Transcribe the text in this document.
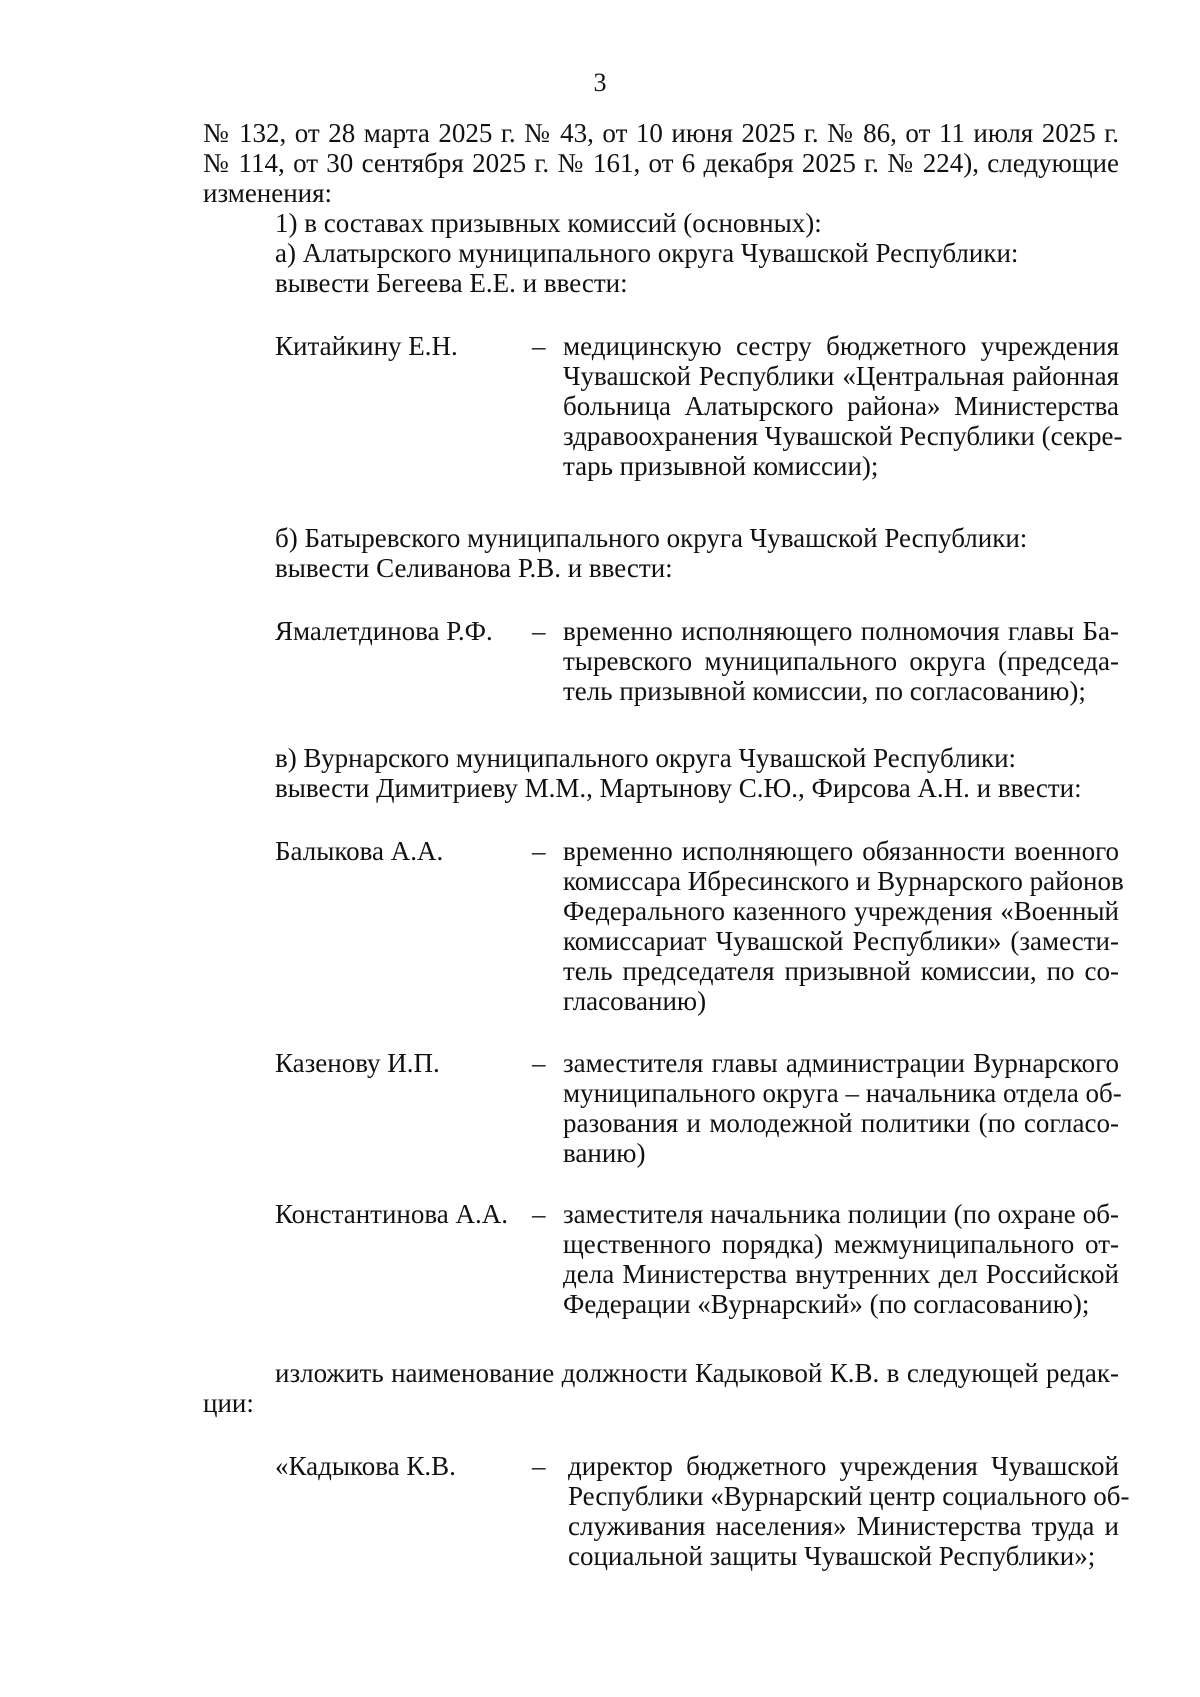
3
№ 132, от 28 марта 2025 г. № 43, от 10 июня 2025 г. № 86, от 11 июля 2025 г.
№ 114, от 30 сентября 2025 г. № 161, от 6 декабря 2025 г. № 224), следующие
изменения:
1) в составах призывных комиссий (основных):
а) Алатырского муниципального округа Чувашской Республики:
вывести Бегеева Е.Е. и ввести:
Китайкину Е.Н.	– медицинскую сестру бюджетного учреждения
Чувашской Республики «Центральная районная
больница Алатырского района» Министерства
здравоохранения Чувашской Республики (секре-
тарь призывной комиссии);
б) Батыревского муниципального округа Чувашской Республики:
вывести Селиванова Р.В. и ввести:
Ямалетдинова Р.Ф. – временно исполняющего полномочия главы Ба-
тыревского муниципального округа (председа-
тель призывной комиссии, по согласованию);
в) Вурнарского муниципального округа Чувашской Республики:
вывести Димитриеву М.М., Мартынову С.Ю., Фирсова А.Н. и ввести:
Балыкова А.А.	– временно исполняющего обязанности военного
комиссара Ибресинского и Вурнарского районов
Федерального казенного учреждения «Военный
комиссариат Чувашской Республики» (замести-
тель председателя призывной комиссии, по со-
гласованию)
Казенову И.П.	– заместителя главы администрации Вурнарского
муниципального округа – начальника отдела об-
разования и молодежной политики (по согласо-
ванию)
Константинова А.А. – заместителя начальника полиции (по охране об-
щественного порядка) межмуниципального от-
дела Министерства внутренних дел Российской
Федерации «Вурнарский» (по согласованию);
изложить наименование должности Кадыковой К.В. в следующей редак-
ции:
«Кадыкова К.В.	– директор бюджетного учреждения Чувашской
Республики «Вурнарский центр социального об-
служивания населения» Министерства труда и
социальной защиты Чувашской Республики»;
